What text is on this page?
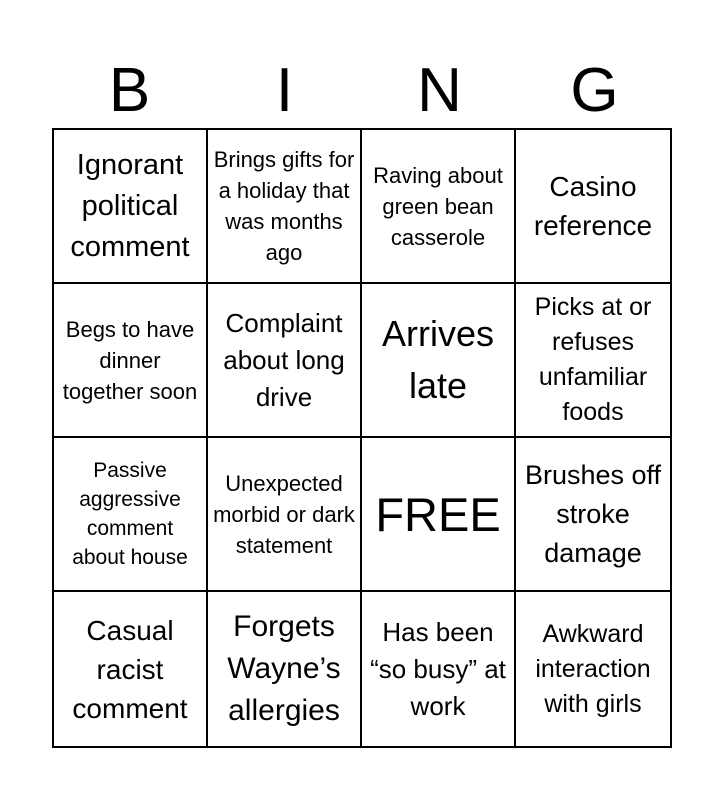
B	I	N	G
Ignorant political comment
Brings gifts for a holiday that was months ago
Raving about green bean casserole
Casino reference
Begs to have dinner together soon
Complaint about long drive
Arrives late
Picks at or refuses unfamiliar foods
Passive aggressive comment about house
Unexpected morbid or dark statement
FREE
Brushes off stroke damage
Casual racist comment
Forgets Wayne’s allergies
Has been “so busy” at work
Awkward interaction with girls
